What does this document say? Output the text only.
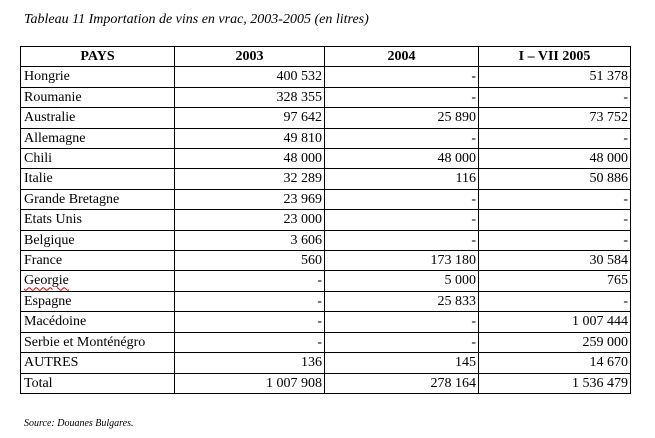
Tableau 11 Importation de vins en vrac, 2003-2005 (en litres)
PAYS	2003	2004	I – VII 2005
Hongrie	400 532	-	51 378
Roumanie	328 355	-	-
Australie	97 642	25 890	73 752
Allemagne	49 810	-	-
Chili	48 000	48 000	48 000
Italie	32 289	116	50 886
Grande Bretagne	23 969	-	-
Etats Unis	23 000	-	-
Belgique	3 606	-	-
France	560	173 180	30 584
Georgie	-	5 000	765
Espagne	-	25 833	-
Macédoine	-	-	1 007 444
Serbie et Monténégro	-	-	259 000
AUTRES	136	145	14 670
Total	1 007 908	278 164	1 536 479
Source: Douanes Bulgares.
